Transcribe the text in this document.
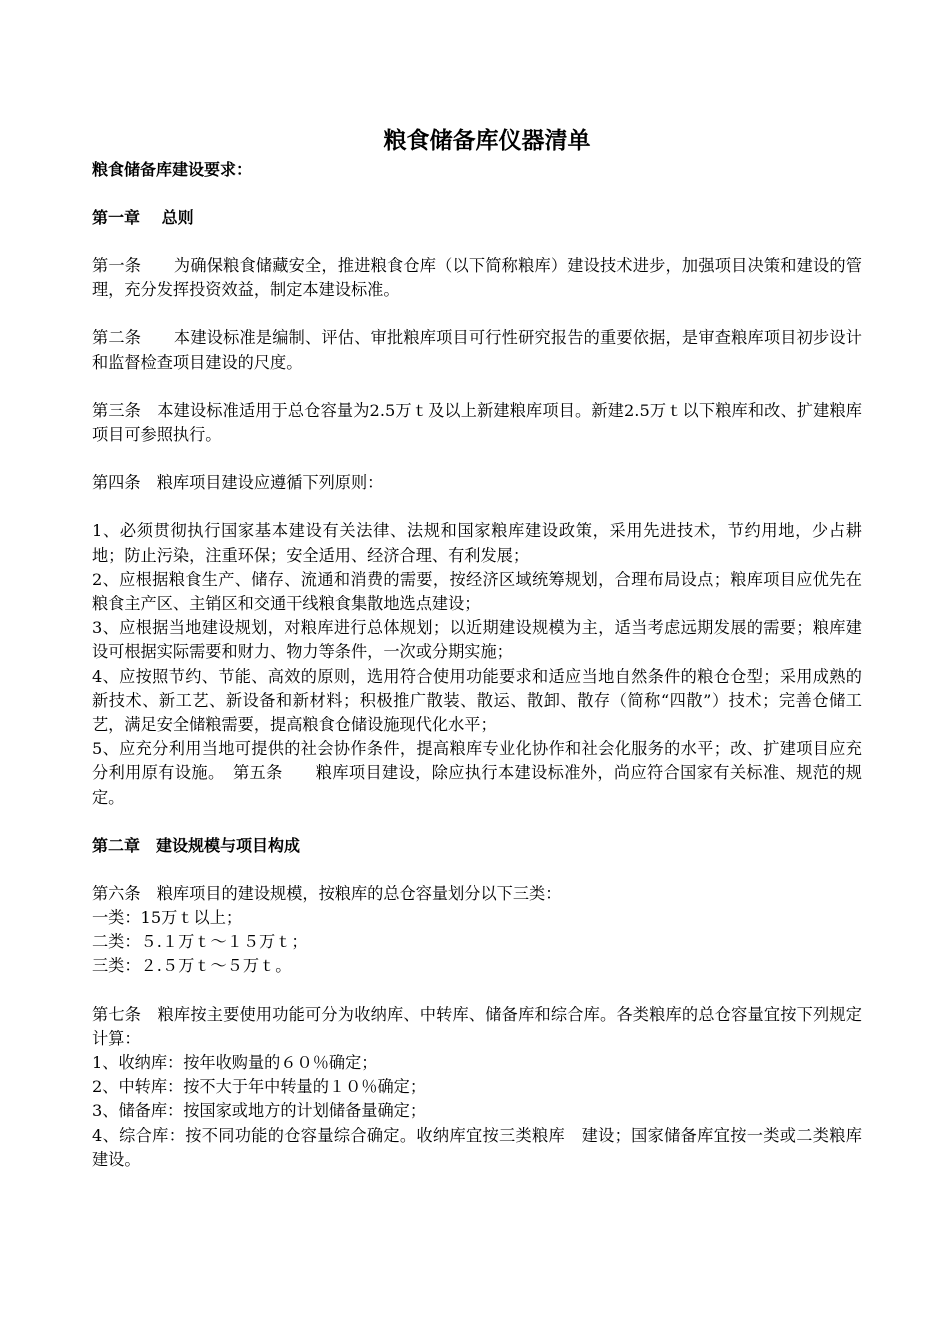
粮食储备库仪器清单

粮食储备库建设要求：

第一章　 总则

第一条　　为确保粮食储藏安全，推进粮食仓库（以下简称粮库）建设技术进步，加强项目决策和建设的管理，充分发挥投资效益，制定本建设标准。

第二条　　本建设标准是编制、评估、审批粮库项目可行性研究报告的重要依据，是审查粮库项目初步设计和监督检查项目建设的尺度。

第三条　本建设标准适用于总仓容量为2.5万ｔ及以上新建粮库项目。新建2.5万ｔ以下粮库和改、扩建粮库项目可参照执行。

第四条　粮库项目建设应遵循下列原则：

1、必须贯彻执行国家基本建设有关法律、法规和国家粮库建设政策，采用先进技术，节约用地，少占耕地；防止污染，注重环保；安全适用、经济合理、有利发展；

2、应根据粮食生产、储存、流通和消费的需要，按经济区域统筹规划，合理布局设点；粮库项目应优先在粮食主产区、主销区和交通干线粮食集散地选点建设；

3、应根据当地建设规划，对粮库进行总体规划；以近期建设规模为主，适当考虑远期发展的需要；粮库建设可根据实际需要和财力、物力等条件，一次或分期实施；

4、应按照节约、节能、高效的原则，选用符合使用功能要求和适应当地自然条件的粮仓仓型；采用成熟的新技术、新工艺、新设备和新材料；积极推广散装、散运、散卸、散存（简称“四散”）技术；完善仓储工艺，满足安全储粮需要，提高粮食仓储设施现代化水平；

5、应充分利用当地可提供的社会协作条件，提高粮库专业化协作和社会化服务的水平；改、扩建项目应充分利用原有设施。　第五条　　粮库项目建设，除应执行本建设标准外，尚应符合国家有关标准、规范的规定。

第二章　建设规模与项目构成

第六条　粮库项目的建设规模，按粮库的总仓容量划分以下三类：

一类：15万ｔ以上；

二类：５.１万ｔ～１５万ｔ；

三类：２.５万ｔ～５万ｔ。

第七条　粮库按主要使用功能可分为收纳库、中转库、储备库和综合库。各类粮库的总仓容量宜按下列规定计算：

1、收纳库：按年收购量的６０％确定；

2、中转库：按不大于年中转量的１０％确定；

3、储备库：按国家或地方的计划储备量确定；

4、综合库：按不同功能的仓容量综合确定。收纳库宜按三类粮库　建设；国家储备库宜按一类或二类粮库建设。
